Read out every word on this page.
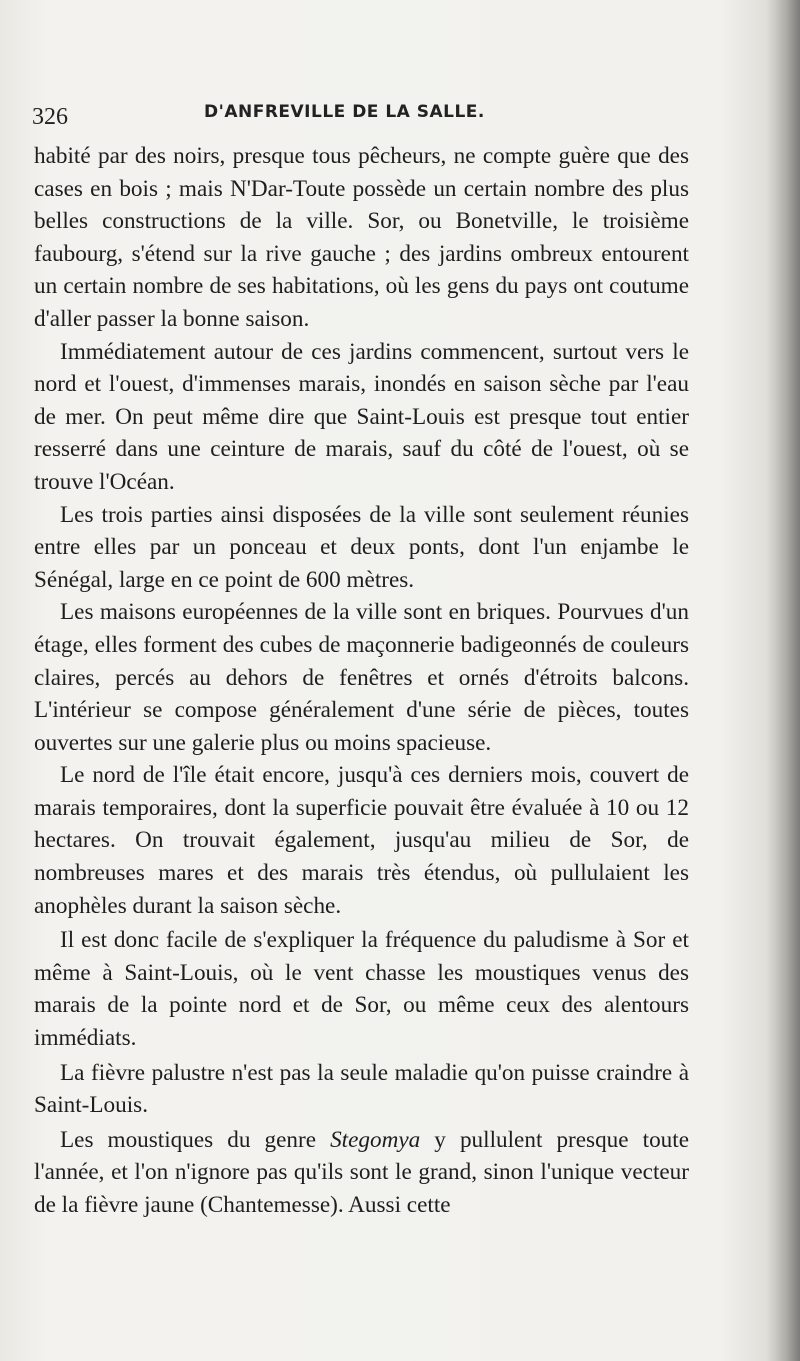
326	D'ANFREVILLE DE LA SALLE.

habité par des noirs, presque tous pêcheurs, ne compte guère que des cases en bois ; mais N'Dar-Toute possède un certain nombre des plus belles constructions de la ville. Sor, ou Bonetville, le troisième faubourg, s'étend sur la rive gauche ; des jardins ombreux entourent un certain nombre de ses habitations, où les gens du pays ont coutume d'aller passer la bonne saison.

Immédiatement autour de ces jardins commencent, surtout vers le nord et l'ouest, d'immenses marais, inondés en saison sèche par l'eau de mer. On peut même dire que Saint-Louis est presque tout entier resserré dans une ceinture de marais, sauf du côté de l'ouest, où se trouve l'Océan.

Les trois parties ainsi disposées de la ville sont seulement réunies entre elles par un ponceau et deux ponts, dont l'un enjambe le Sénégal, large en ce point de 600 mètres.

Les maisons européennes de la ville sont en briques. Pourvues d'un étage, elles forment des cubes de maçonnerie badigeonnés de couleurs claires, percés au dehors de fenêtres et ornés d'étroits balcons. L'intérieur se compose généralement d'une série de pièces, toutes ouvertes sur une galerie plus ou moins spacieuse.

Le nord de l'île était encore, jusqu'à ces derniers mois, couvert de marais temporaires, dont la superficie pouvait être évaluée à 10 ou 12 hectares. On trouvait également, jusqu'au milieu de Sor, de nombreuses mares et des marais très étendus, où pullulaient les anophèles durant la saison sèche.

Il est donc facile de s'expliquer la fréquence du paludisme à Sor et même à Saint-Louis, où le vent chasse les moustiques venus des marais de la pointe nord et de Sor, ou même ceux des alentours immédiats.

La fièvre palustre n'est pas la seule maladie qu'on puisse craindre à Saint-Louis.

Les moustiques du genre Stegomya y pullulent presque toute l'année, et l'on n'ignore pas qu'ils sont le grand, sinon l'unique vecteur de la fièvre jaune (Chantemesse). Aussi cette
